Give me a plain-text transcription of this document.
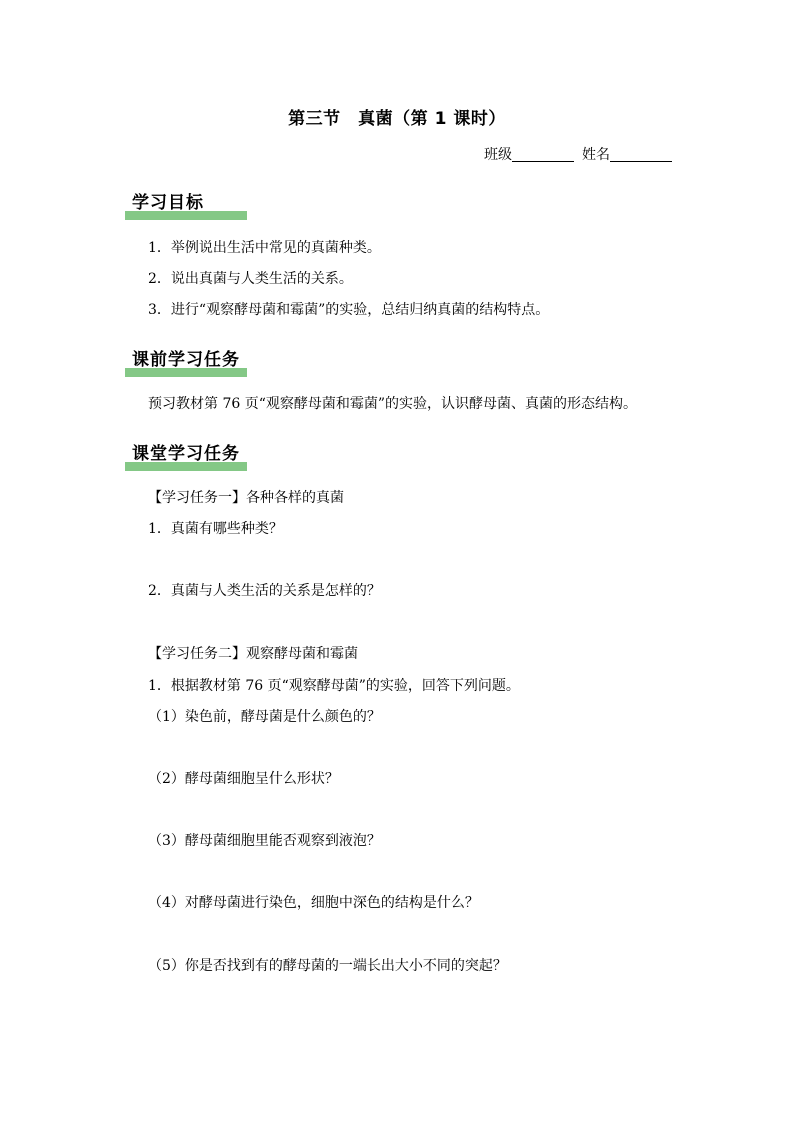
第三节　真菌（第 1 课时）
班级	姓名
学习目标
1．举例说出生活中常见的真菌种类。
2．说出真菌与人类生活的关系。
3．进行“观察酵母菌和霉菌”的实验，总结归纳真菌的结构特点。
课前学习任务
预习教材第 76 页“观察酵母菌和霉菌”的实验，认识酵母菌、真菌的形态结构。
课堂学习任务
【学习任务一】各种各样的真菌
1．真菌有哪些种类？
2．真菌与人类生活的关系是怎样的？
【学习任务二】观察酵母菌和霉菌
1．根据教材第 76 页“观察酵母菌”的实验，回答下列问题。
（1）染色前，酵母菌是什么颜色的？
（2）酵母菌细胞呈什么形状？
（3）酵母菌细胞里能否观察到液泡？
（4）对酵母菌进行染色，细胞中深色的结构是什么？
（5）你是否找到有的酵母菌的一端长出大小不同的突起？
